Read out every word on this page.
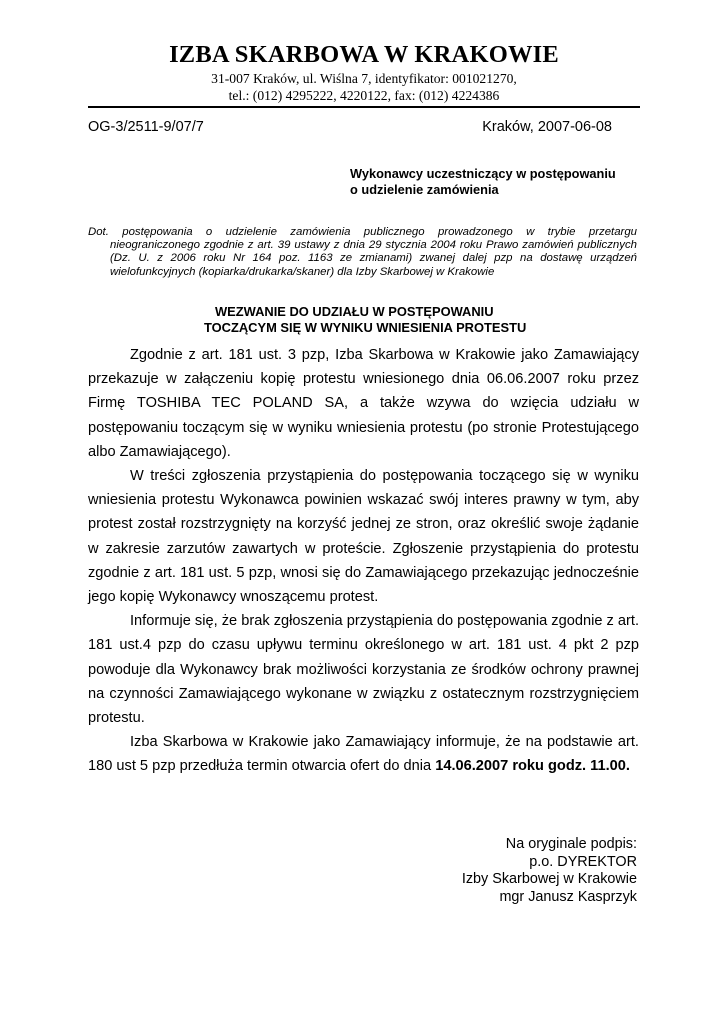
IZBA SKARBOWA W KRAKOWIE
31-007 Kraków, ul. Wiślna 7, identyfikator: 001021270,
tel.: (012) 4295222, 4220122, fax: (012) 4224386
OG-3/2511-9/07/7	Kraków, 2007-06-08
Wykonawcy uczestniczący w postępowaniu
o udzielenie zamówienia
Dot. postępowania o udzielenie zamówienia publicznego prowadzonego w trybie przetargu
nieograniczonego zgodnie z art. 39 ustawy z dnia 29 stycznia 2004 roku Prawo zamówień publicznych (Dz. U. z 2006 roku Nr 164 poz. 1163 ze zmianami) zwanej dalej pzp na dostawę urządzeń wielofunkcyjnych (kopiarka/drukarka/skaner) dla Izby Skarbowej w Krakowie
WEZWANIE DO UDZIAŁU W POSTĘPOWANIU
TOCZĄCYM SIĘ W WYNIKU WNIESIENIA PROTESTU

Zgodnie z art. 181 ust. 3 pzp, Izba Skarbowa w Krakowie jako Zamawiający przekazuje w załączeniu kopię protestu wniesionego dnia 06.06.2007 roku przez Firmę TOSHIBA TEC POLAND SA, a także wzywa do wzięcia udziału w postępowaniu toczącym się w wyniku wniesienia protestu (po stronie Protestującego albo Zamawiającego).

W treści zgłoszenia przystąpienia do postępowania toczącego się w wyniku wniesienia protestu Wykonawca powinien wskazać swój interes prawny w tym, aby protest został rozstrzygnięty na korzyść jednej ze stron, oraz określić swoje żądanie w zakresie zarzutów zawartych w proteście. Zgłoszenie przystąpienia do protestu zgodnie z art. 181 ust. 5 pzp, wnosi się do Zamawiającego przekazując jednocześnie jego kopię Wykonawcy wnoszącemu protest.

Informuje się, że brak zgłoszenia przystąpienia do postępowania zgodnie z art. 181 ust.4 pzp do czasu upływu terminu określonego w art. 181 ust. 4 pkt 2 pzp powoduje dla Wykonawcy brak możliwości korzystania ze środków ochrony prawnej na czynności Zamawiającego wykonane w związku z ostatecznym rozstrzygnięciem protestu.

Izba Skarbowa w Krakowie jako Zamawiający informuje, że na podstawie art. 180 ust 5 pzp przedłuża termin otwarcia ofert do dnia 14.06.2007 roku godz. 11.00.

Na oryginale podpis:
p.o. DYREKTOR
Izby Skarbowej w Krakowie
mgr Janusz Kasprzyk
